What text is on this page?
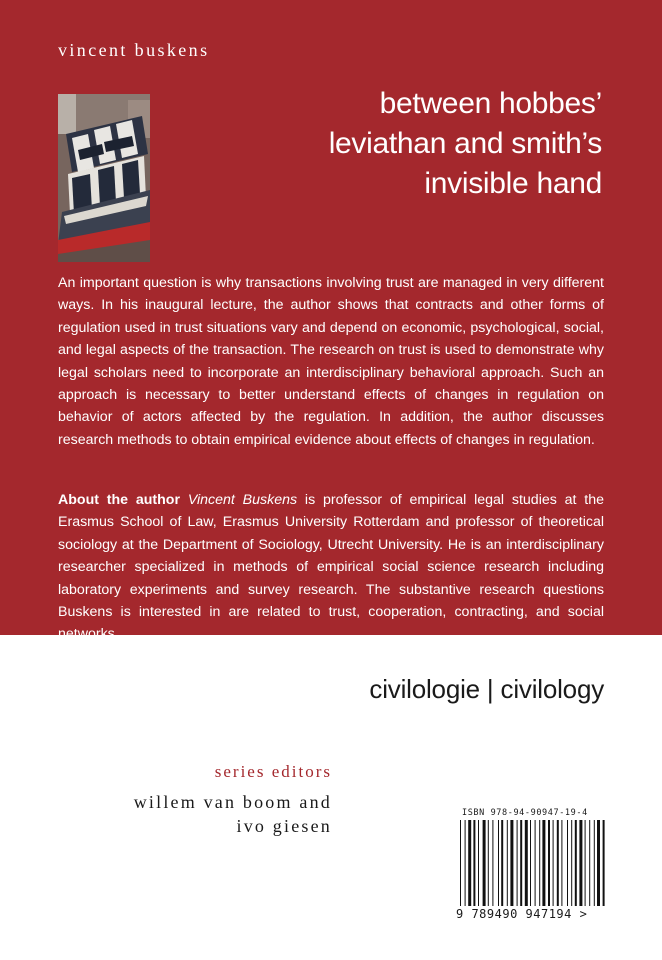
vincent buskens
between hobbes’
leviathan and smith’s
invisible hand
An important question is why transactions involving trust are managed in very different ways. In his inaugural lecture, the author shows that contracts and other forms of regulation used in trust situations vary and depend on economic, psychological, social, and legal aspects of the transaction. The research on trust is used to demonstrate why legal scholars need to incorporate an interdisciplinary behavioral approach. Such an approach is necessary to better understand effects of changes in regulation on behavior of actors affected by the regulation. In addition, the author discusses research methods to obtain empirical evidence about effects of changes in regulation.
About the author Vincent Buskens is professor of empirical legal studies at the Erasmus School of Law, Erasmus University Rotterdam and professor of theoretical sociology at the Department of Sociology, Utrecht University. He is an interdisciplinary researcher specialized in methods of empirical social science research including laboratory experiments and survey research. The substantive research questions Buskens is interested in are related to trust, cooperation, contracting, and social networks.
civilologie | civilology
series editors
willem van boom and
ivo giesen
ISBN 978-94-90947-19-4
9 789490 947194 >
